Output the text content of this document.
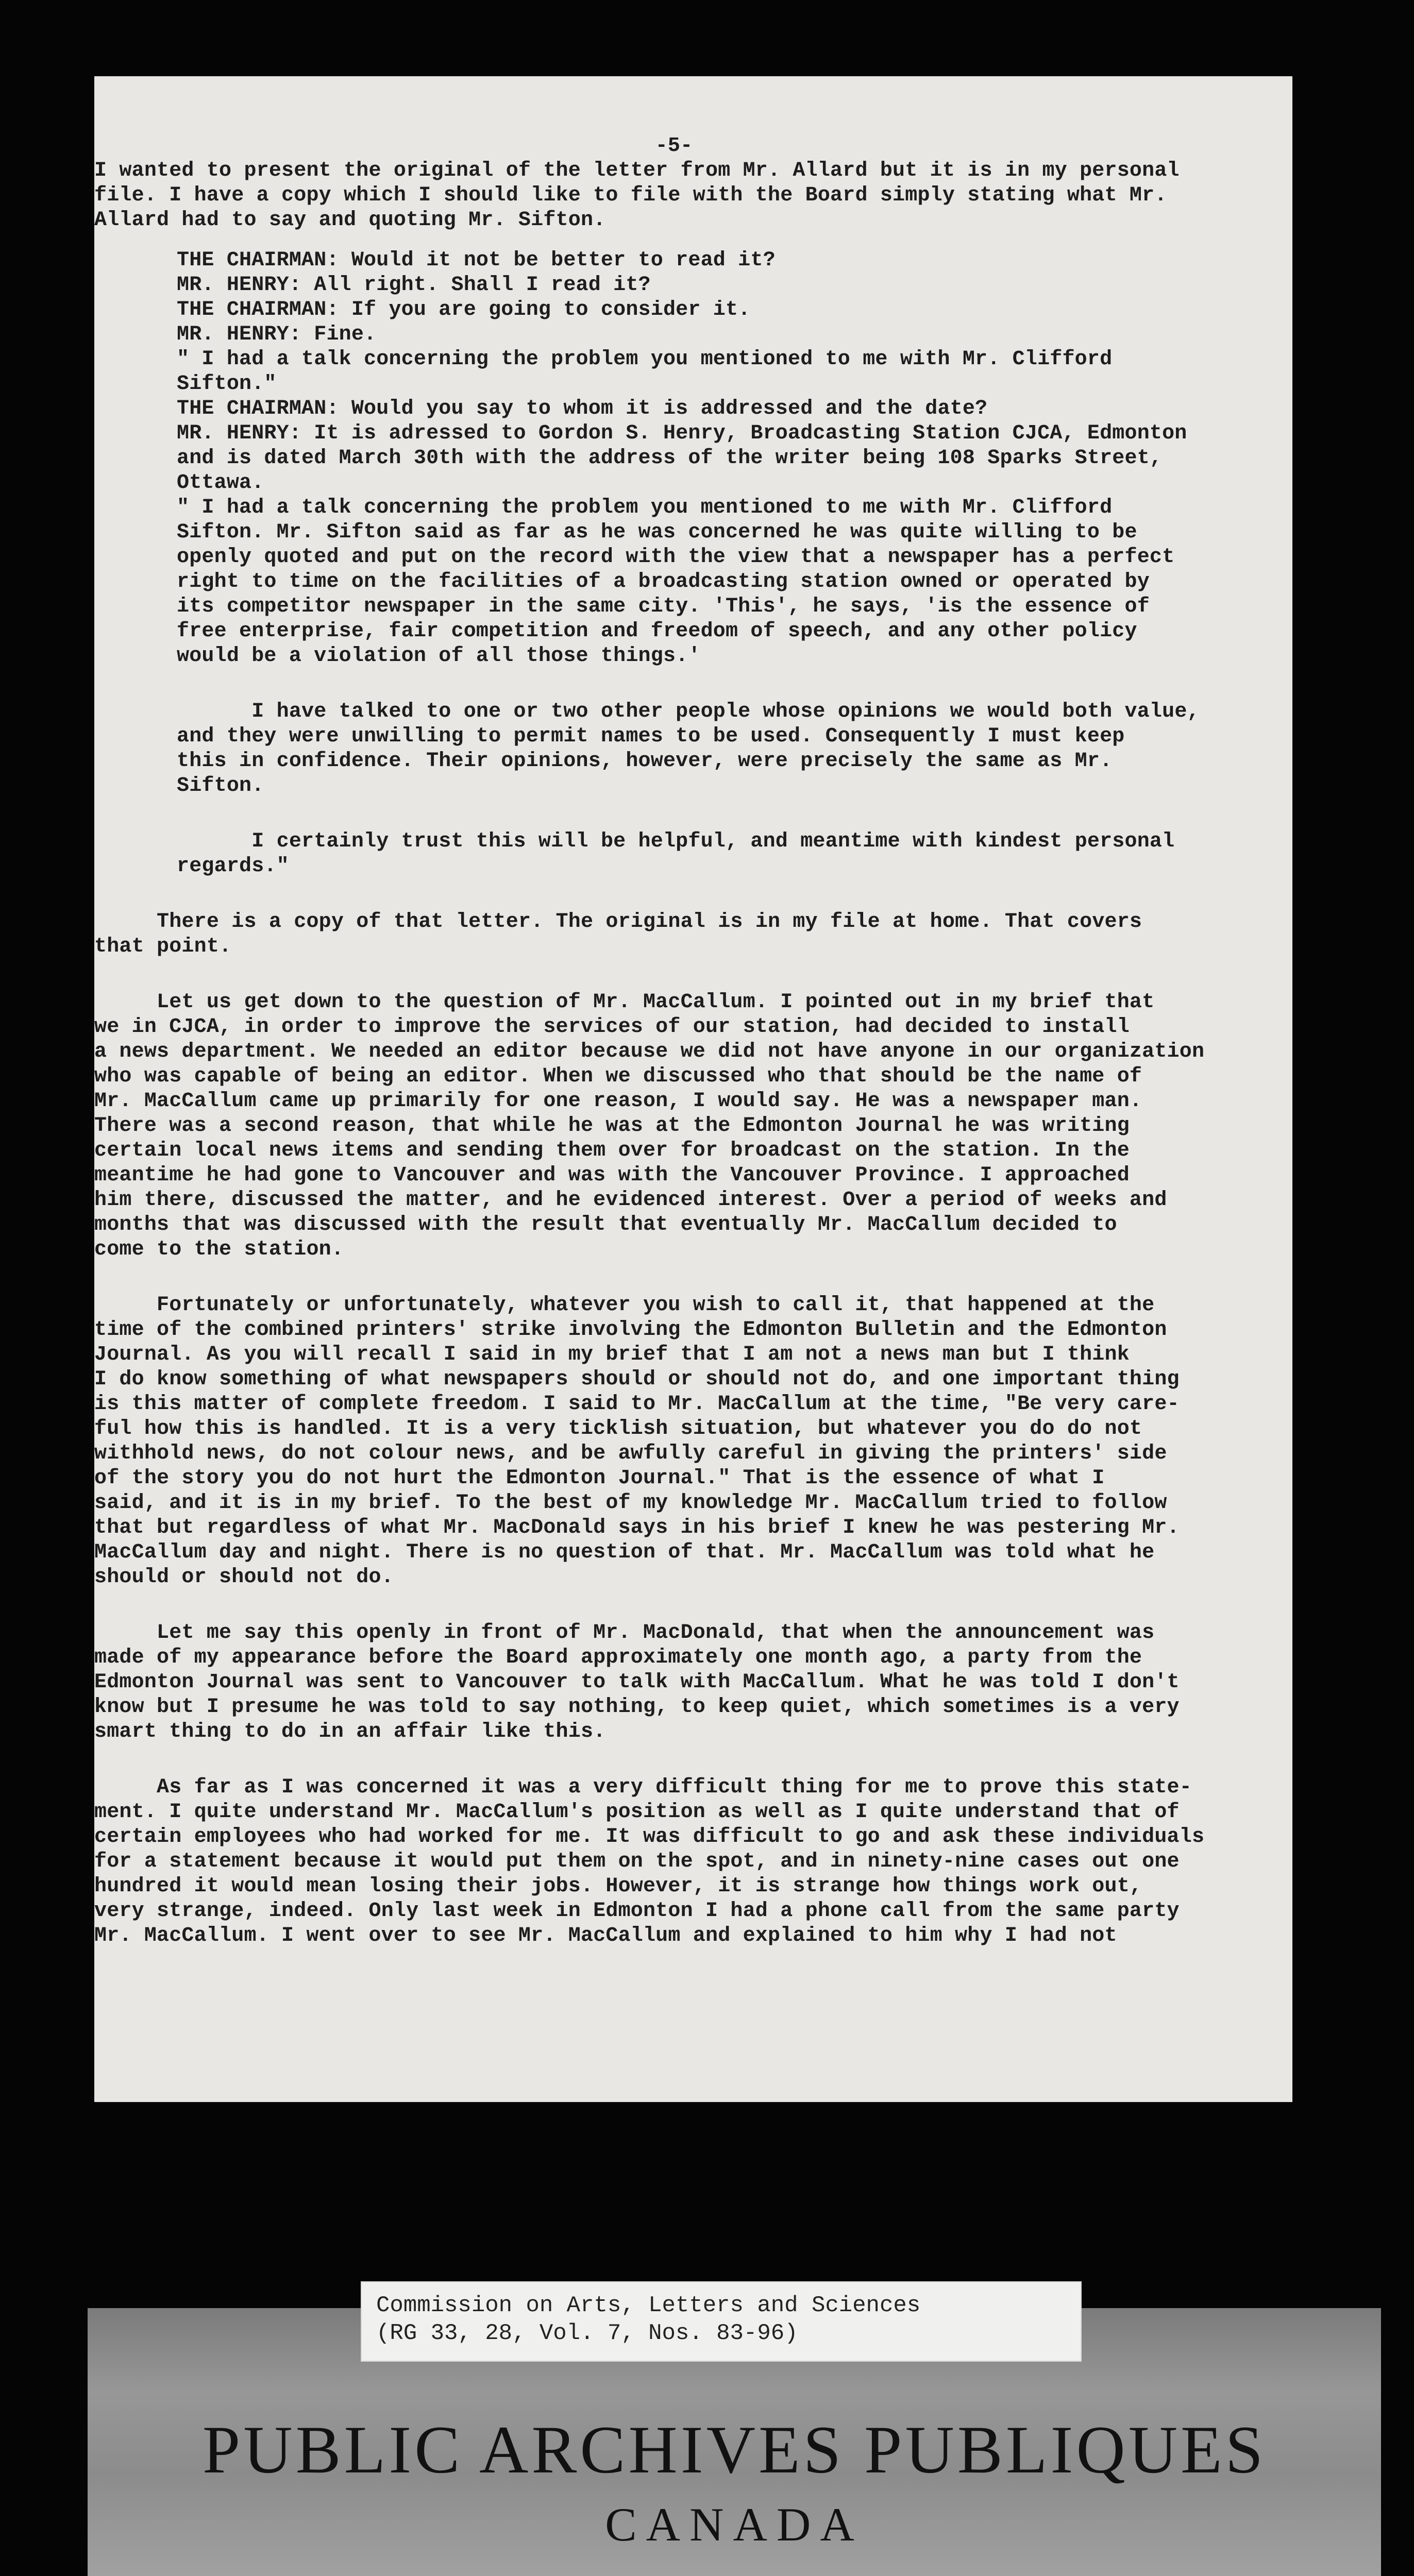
-5-

I wanted to present the original of the letter from Mr. Allard but it is in my personal

file. I have a copy which I should like to file with the Board simply stating what Mr.

Allard had to say and quoting Mr. Sifton.

THE CHAIRMAN: Would it not be better to read it?

MR. HENRY: All right. Shall I read it?

THE CHAIRMAN: If you are going to consider it.

MR. HENRY: Fine.

" I had a talk concerning the problem you mentioned to me with Mr. Clifford

Sifton."

THE CHAIRMAN: Would you say to whom it is addressed and the date?

MR. HENRY: It is adressed to Gordon S. Henry, Broadcasting Station CJCA, Edmonton

and is dated March 30th with the address of the writer being 108 Sparks Street,

Ottawa.

" I had a talk concerning the problem you mentioned to me with Mr. Clifford

Sifton. Mr. Sifton said as far as he was concerned he was quite willing to be

openly quoted and put on the record with the view that a newspaper has a perfect

right to time on the facilities of a broadcasting station owned or operated by

its competitor newspaper in the same city. 'This', he says, 'is the essence of

free enterprise, fair competition and freedom of speech, and any other policy

would be a violation of all those things.'

I have talked to one or two other people whose opinions we would both value,

and they were unwilling to permit names to be used. Consequently I must keep

this in confidence. Their opinions, however, were precisely the same as Mr.

Sifton.

I certainly trust this will be helpful, and meantime with kindest personal

regards."

There is a copy of that letter. The original is in my file at home. That covers

that point.

Let us get down to the question of Mr. MacCallum. I pointed out in my brief that

we in CJCA, in order to improve the services of our station, had decided to install

a news department. We needed an editor because we did not have anyone in our organization

who was capable of being an editor. When we discussed who that should be the name of

Mr. MacCallum came up primarily for one reason, I would say. He was a newspaper man.

There was a second reason, that while he was at the Edmonton Journal he was writing

certain local news items and sending them over for broadcast on the station. In the

meantime he had gone to Vancouver and was with the Vancouver Province. I approached

him there, discussed the matter, and he evidenced interest. Over a period of weeks and

months that was discussed with the result that eventually Mr. MacCallum decided to

come to the station.

Fortunately or unfortunately, whatever you wish to call it, that happened at the

time of the combined printers' strike involving the Edmonton Bulletin and the Edmonton

Journal. As you will recall I said in my brief that I am not a news man but I think

I do know something of what newspapers should or should not do, and one important thing

is this matter of complete freedom. I said to Mr. MacCallum at the time, "Be very care-

ful how this is handled. It is a very ticklish situation, but whatever you do do not

withhold news, do not colour news, and be awfully careful in giving the printers' side

of the story you do not hurt the Edmonton Journal." That is the essence of what I

said, and it is in my brief. To the best of my knowledge Mr. MacCallum tried to follow

that but regardless of what Mr. MacDonald says in his brief I knew he was pestering Mr.

MacCallum day and night. There is no question of that. Mr. MacCallum was told what he

should or should not do.

Let me say this openly in front of Mr. MacDonald, that when the announcement was

made of my appearance before the Board approximately one month ago, a party from the

Edmonton Journal was sent to Vancouver to talk with MacCallum. What he was told I don't

know but I presume he was told to say nothing, to keep quiet, which sometimes is a very

smart thing to do in an affair like this.

As far as I was concerned it was a very difficult thing for me to prove this state-

ment. I quite understand Mr. MacCallum's position as well as I quite understand that of

certain employees who had worked for me. It was difficult to go and ask these individuals

for a statement because it would put them on the spot, and in ninety-nine cases out one

hundred it would mean losing their jobs. However, it is strange how things work out,

very strange, indeed. Only last week in Edmonton I had a phone call from the same party

Mr. MacCallum. I went over to see Mr. MacCallum and explained to him why I had not

Commission on Arts, Letters and Sciences

(RG 33, 28, Vol. 7, Nos. 83-96)

PUBLIC ARCHIVES PUBLIQUES
CANADA
